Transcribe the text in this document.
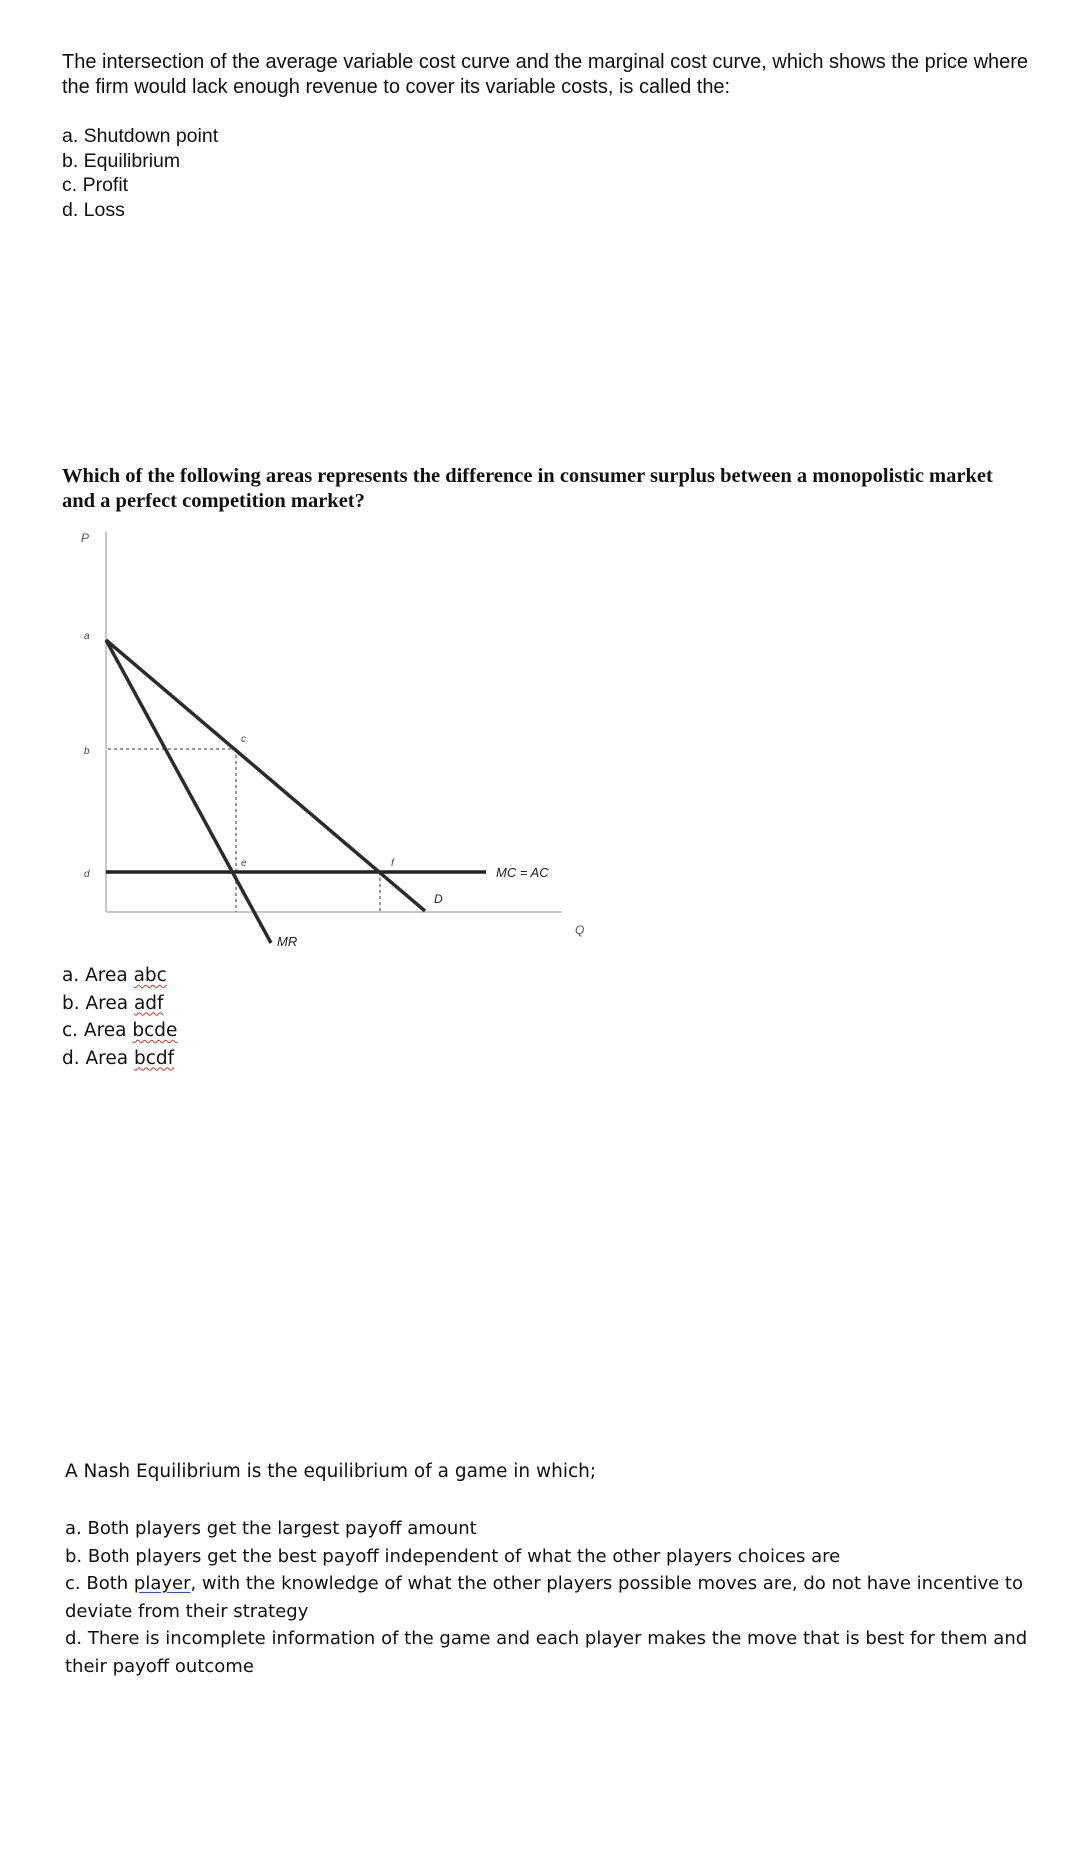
The intersection of the average variable cost curve and the marginal cost curve, which shows the price where the firm would lack enough revenue to cover its variable costs, is called the:
a. Shutdown point
b. Equilibrium
c. Profit
d. Loss
Which of the following areas represents the difference in consumer surplus between a monopolistic market and a perfect competition market?
P
a
b
c
d
e	f
MC = AC
D
MR
Q
a. Area abc
b. Area adf
c. Area bcde
d. Area bcdf
A Nash Equilibrium is the equilibrium of a game in which;
a. Both players get the largest payoff amount
b. Both players get the best payoff independent of what the other players choices are
c. Both player, with the knowledge of what the other players possible moves are, do not have incentive to deviate from their strategy
d. There is incomplete information of the game and each player makes the move that is best for them and their payoff outcome
